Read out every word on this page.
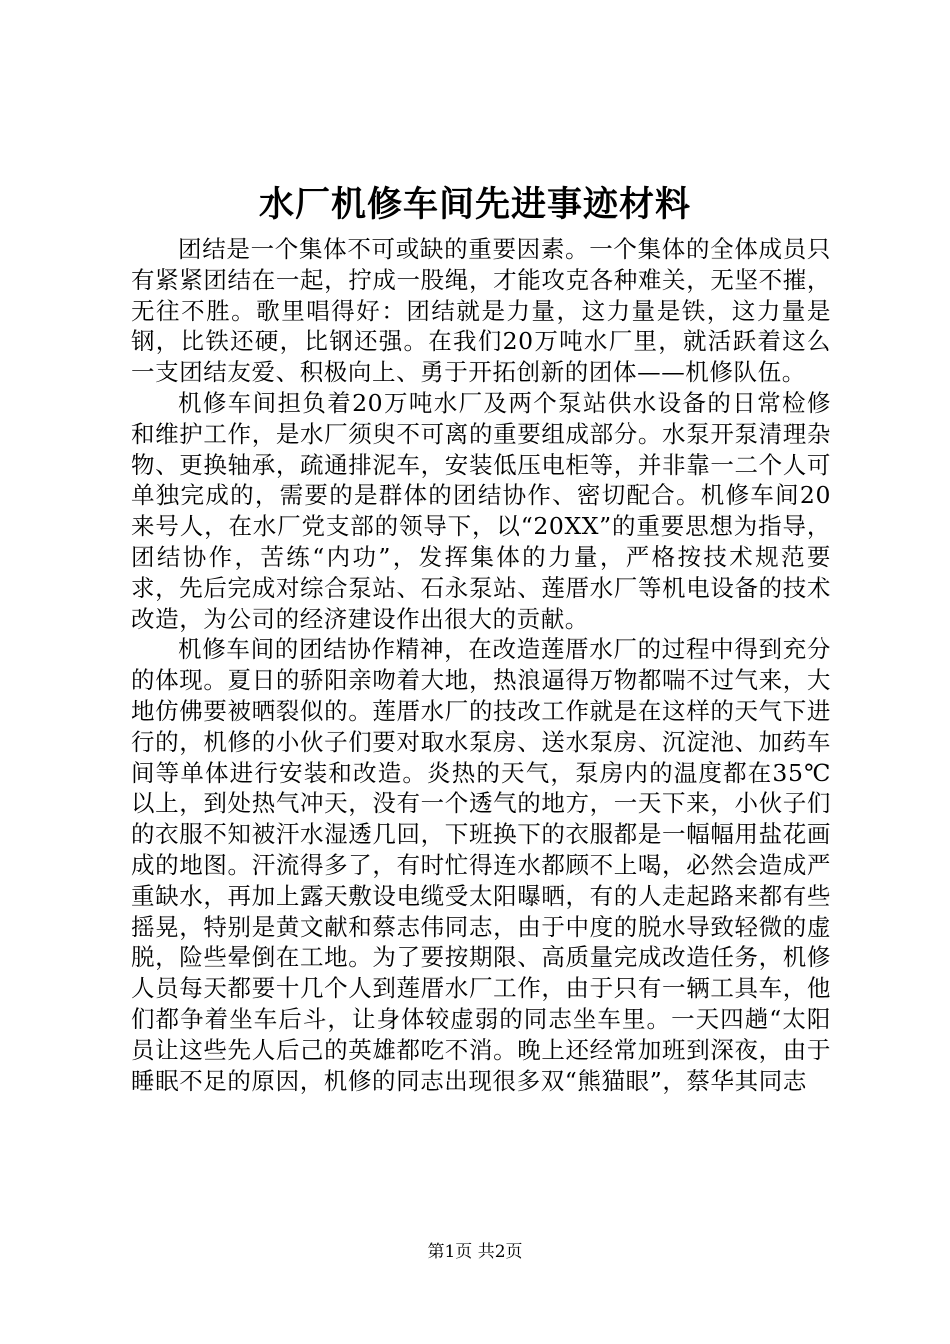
水厂机修车间先进事迹材料

团结是一个集体不可或缺的重要因素。一个集体的全体成员只有紧紧团结在一起，拧成一股绳，才能攻克各种难关，无坚不摧，无往不胜。歌里唱得好：团结就是力量，这力量是铁，这力量是钢，比铁还硬，比钢还强。在我们20万吨水厂里，就活跃着这么一支团结友爱、积极向上、勇于开拓创新的团体——机修队伍。

机修车间担负着20万吨水厂及两个泵站供水设备的日常检修和维护工作，是水厂须臾不可离的重要组成部分。水泵开泵清理杂物、更换轴承，疏通排泥车，安装低压电柜等，并非靠一二个人可单独完成的，需要的是群体的团结协作、密切配合。机修车间20来号人，在水厂党支部的领导下，以“20XX”的重要思想为指导，团结协作，苦练“内功”，发挥集体的力量，严格按技术规范要求，先后完成对综合泵站、石永泵站、莲厝水厂等机电设备的技术改造，为公司的经济建设作出很大的贡献。

机修车间的团结协作精神，在改造莲厝水厂的过程中得到充分的体现。夏日的骄阳亲吻着大地，热浪逼得万物都喘不过气来，大地仿佛要被晒裂似的。莲厝水厂的技改工作就是在这样的天气下进行的，机修的小伙子们要对取水泵房、送水泵房、沉淀池、加药车间等单体进行安装和改造。炎热的天气，泵房内的温度都在35℃以上，到处热气冲天，没有一个透气的地方，一天下来，小伙子们的衣服不知被汗水湿透几回，下班换下的衣服都是一幅幅用盐花画成的地图。汗流得多了，有时忙得连水都顾不上喝，必然会造成严重缺水，再加上露天敷设电缆受太阳曝晒，有的人走起路来都有些摇晃，特别是黄文献和蔡志伟同志，由于中度的脱水导致轻微的虚脱，险些晕倒在工地。为了要按期限、高质量完成改造任务，机修人员每天都要十几个人到莲厝水厂工作，由于只有一辆工具车，他们都争着坐车后斗，让身体较虚弱的同志坐车里。一天四趟“太阳员让这些先人后己的英雄都吃不消。晚上还经常加班到深夜，由于睡眠不足的原因，机修的同志出现很多双“熊猫眼”，蔡华其同志

第1页 共2页
